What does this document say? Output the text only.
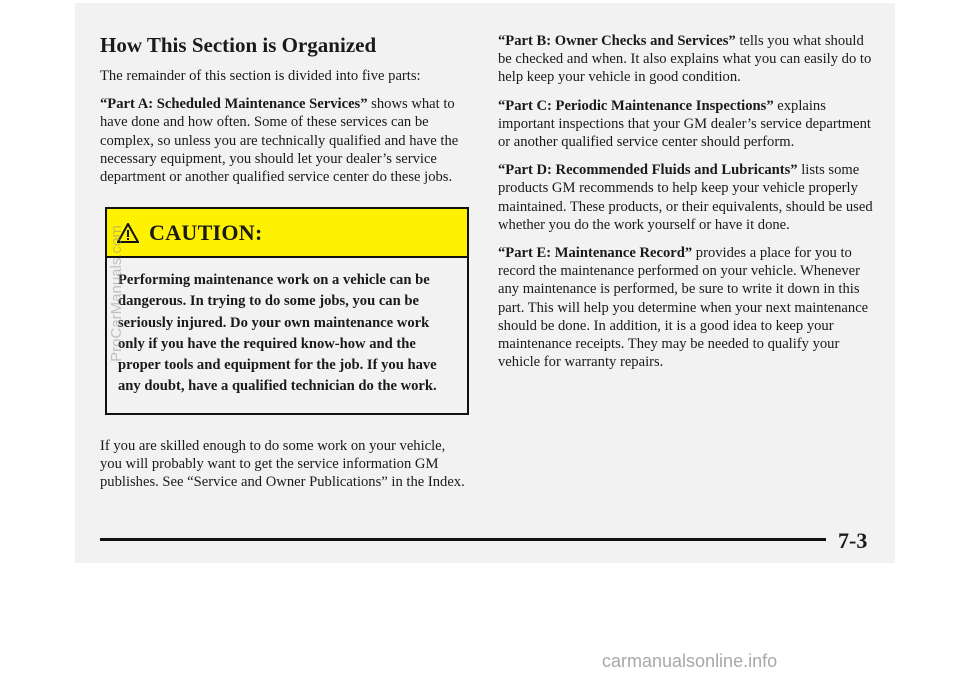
How This Section is Organized

The remainder of this section is divided into five parts:

“Part A: Scheduled Maintenance Services” shows what to have done and how often. Some of these services can be complex, so unless you are technically qualified and have the necessary equipment, you should let your dealer’s service department or another qualified service center do these jobs.

CAUTION:
Performing maintenance work on a vehicle can be dangerous. In trying to do some jobs, you can be seriously injured. Do your own maintenance work only if you have the required know-how and the proper tools and equipment for the job. If you have any doubt, have a qualified technician do the work.

If you are skilled enough to do some work on your vehicle, you will probably want to get the service information GM publishes. See “Service and Owner Publications” in the Index.

“Part B: Owner Checks and Services” tells you what should be checked and when. It also explains what you can easily do to help keep your vehicle in good condition.

“Part C: Periodic Maintenance Inspections” explains important inspections that your GM dealer’s service department or another qualified service center should perform.

“Part D: Recommended Fluids and Lubricants” lists some products GM recommends to help keep your vehicle properly maintained. These products, or their equivalents, should be used whether you do the work yourself or have it done.

“Part E: Maintenance Record” provides a place for you to record the maintenance performed on your vehicle. Whenever any maintenance is performed, be sure to write it down in this part. This will help you determine when your next maintenance should be done. In addition, it is a good idea to keep your maintenance receipts. They may be needed to qualify your vehicle for warranty repairs.

7-3
ProCarManuals.com
carmanualsonline.info
